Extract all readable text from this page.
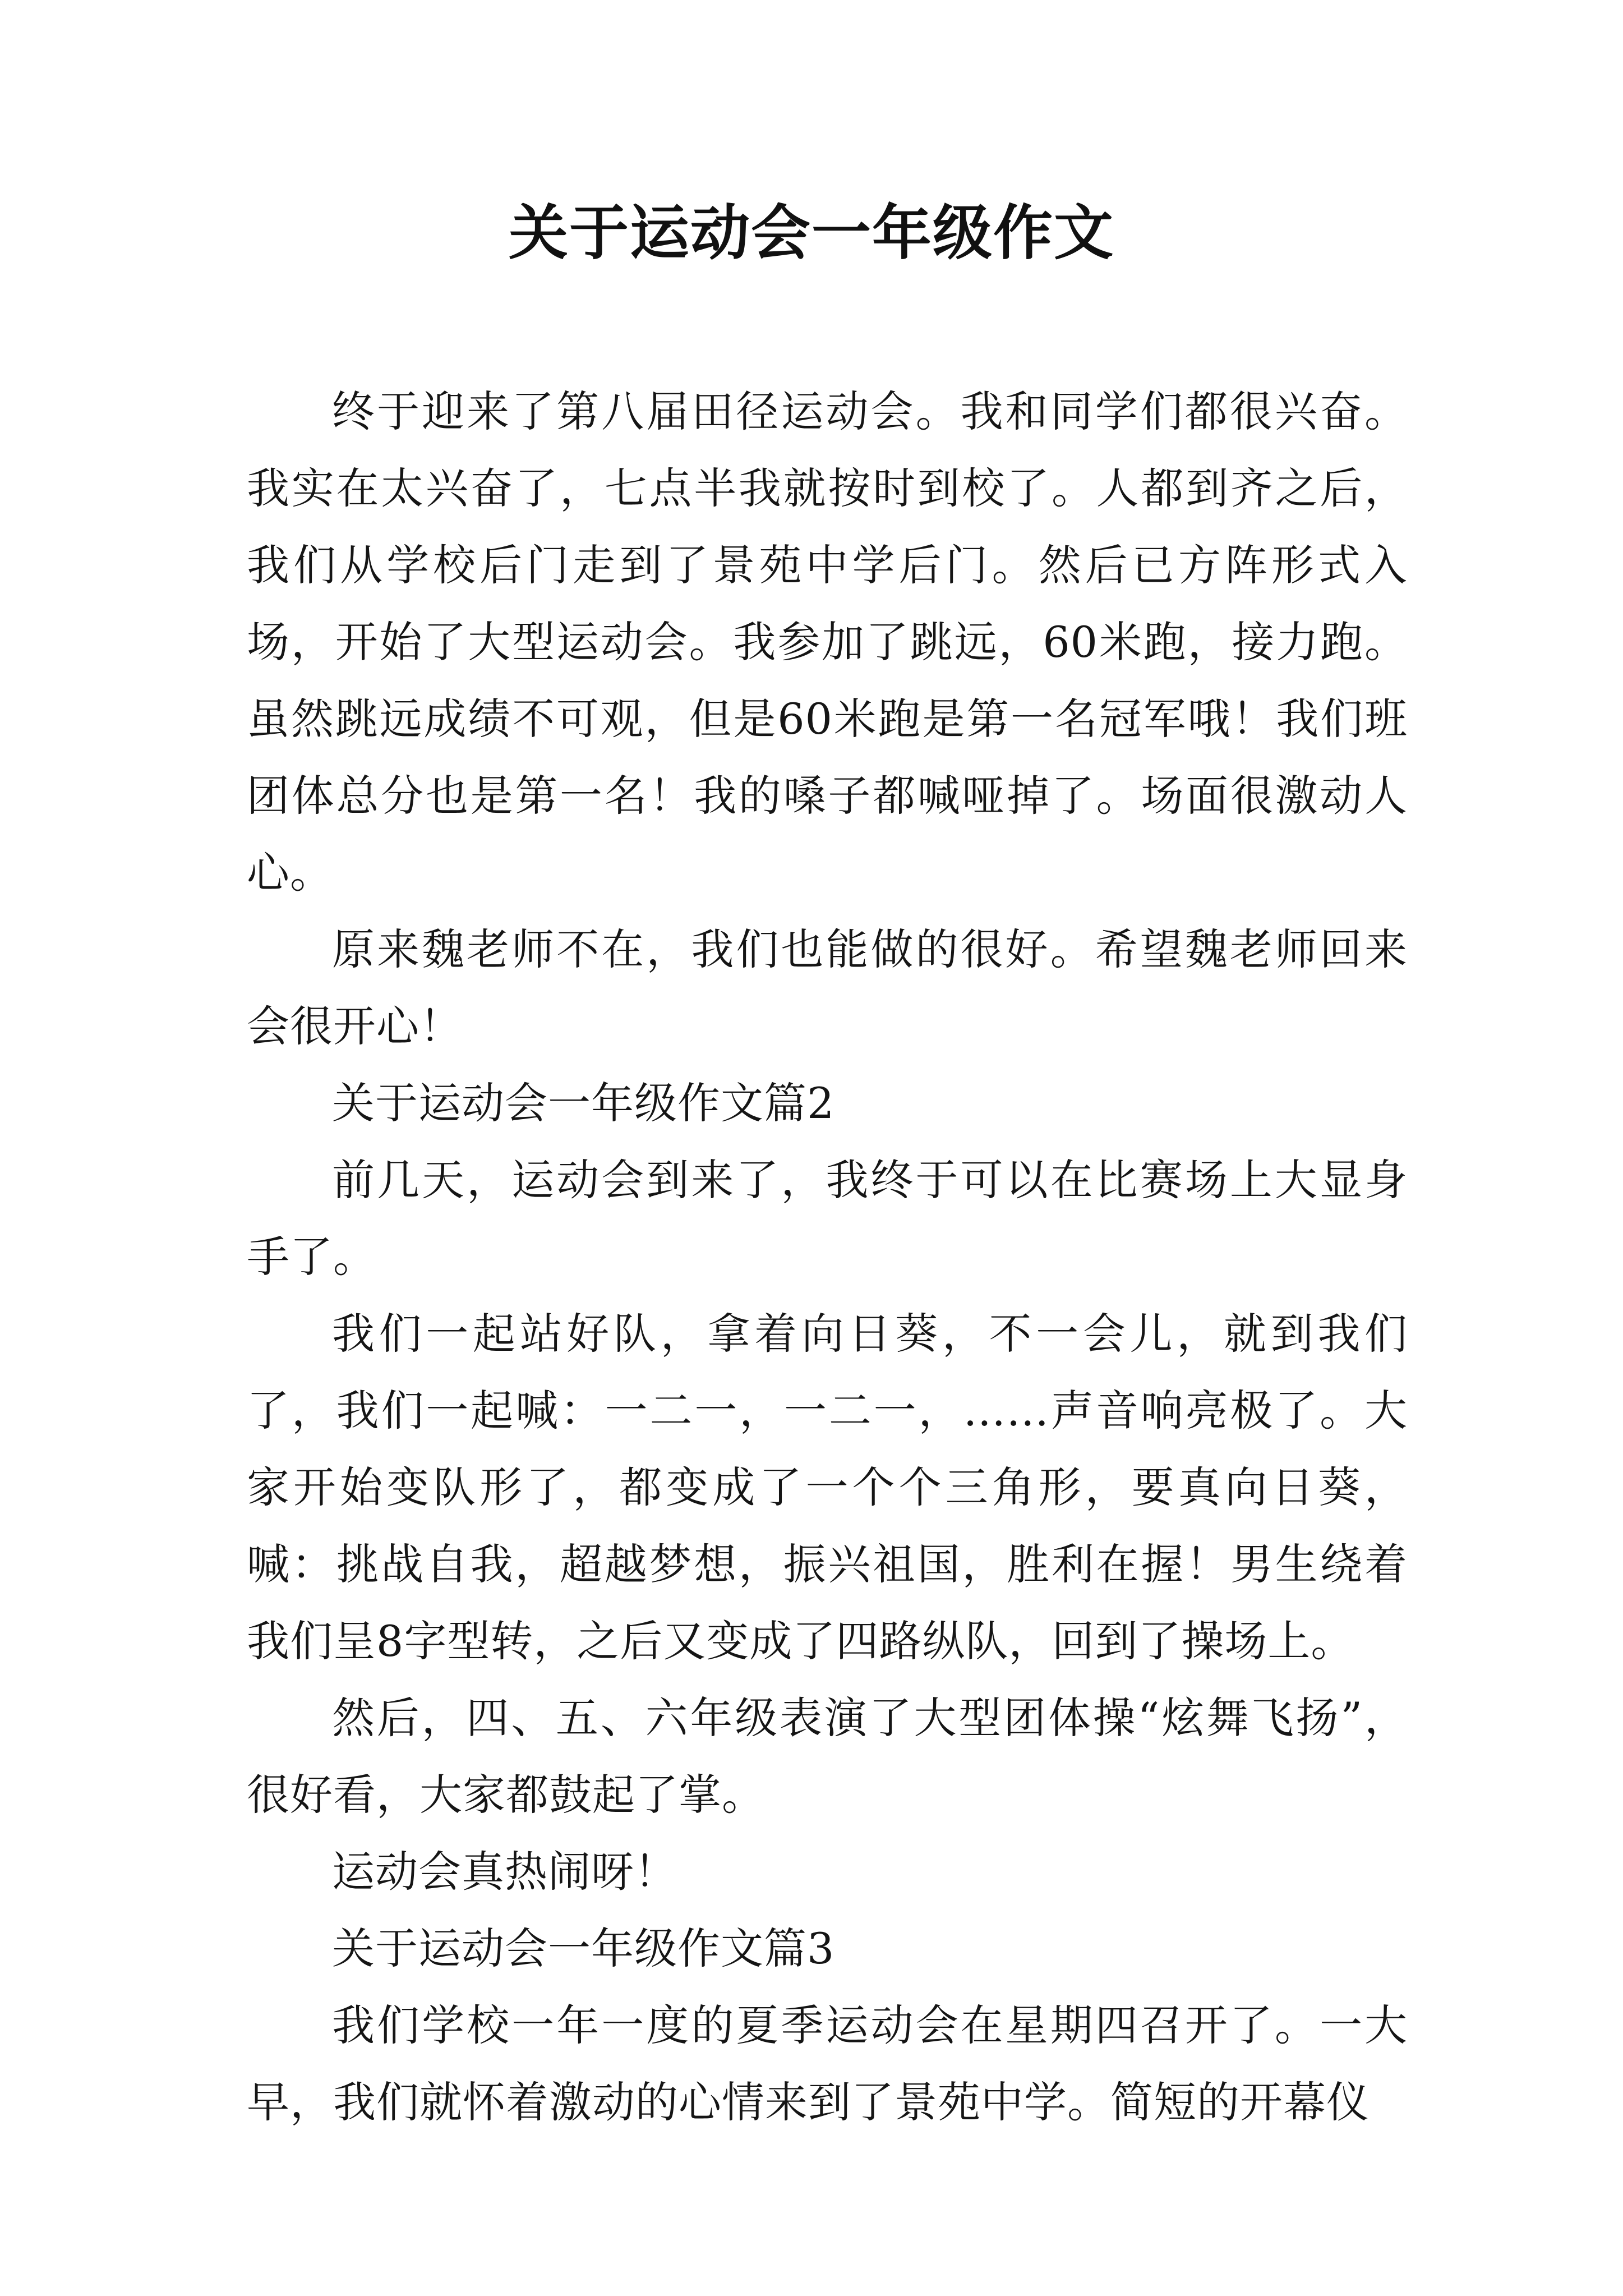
关于运动会一年级作文

终于迎来了第八届田径运动会。我和同学们都很兴奋。我实在太兴奋了，七点半我就按时到校了。人都到齐之后，我们从学校后门走到了景苑中学后门。然后已方阵形式入场，开始了大型运动会。我参加了跳远，60米跑，接力跑。虽然跳远成绩不可观，但是60米跑是第一名冠军哦！我们班团体总分也是第一名！我的嗓子都喊哑掉了。场面很激动人心。

原来魏老师不在，我们也能做的很好。希望魏老师回来会很开心！

关于运动会一年级作文篇2

前几天，运动会到来了，我终于可以在比赛场上大显身手了。

我们一起站好队，拿着向日葵，不一会儿，就到我们了，我们一起喊：一二一，一二一，……声音响亮极了。大家开始变队形了，都变成了一个个三角形，要真向日葵，喊：挑战自我，超越梦想，振兴祖国，胜利在握！男生绕着我们呈8字型转，之后又变成了四路纵队，回到了操场上。

然后，四、五、六年级表演了大型团体操“炫舞飞扬”，很好看，大家都鼓起了掌。

运动会真热闹呀！

关于运动会一年级作文篇3

我们学校一年一度的夏季运动会在星期四召开了。一大早，我们就怀着激动的心情来到了景苑中学。简短的开幕仪
